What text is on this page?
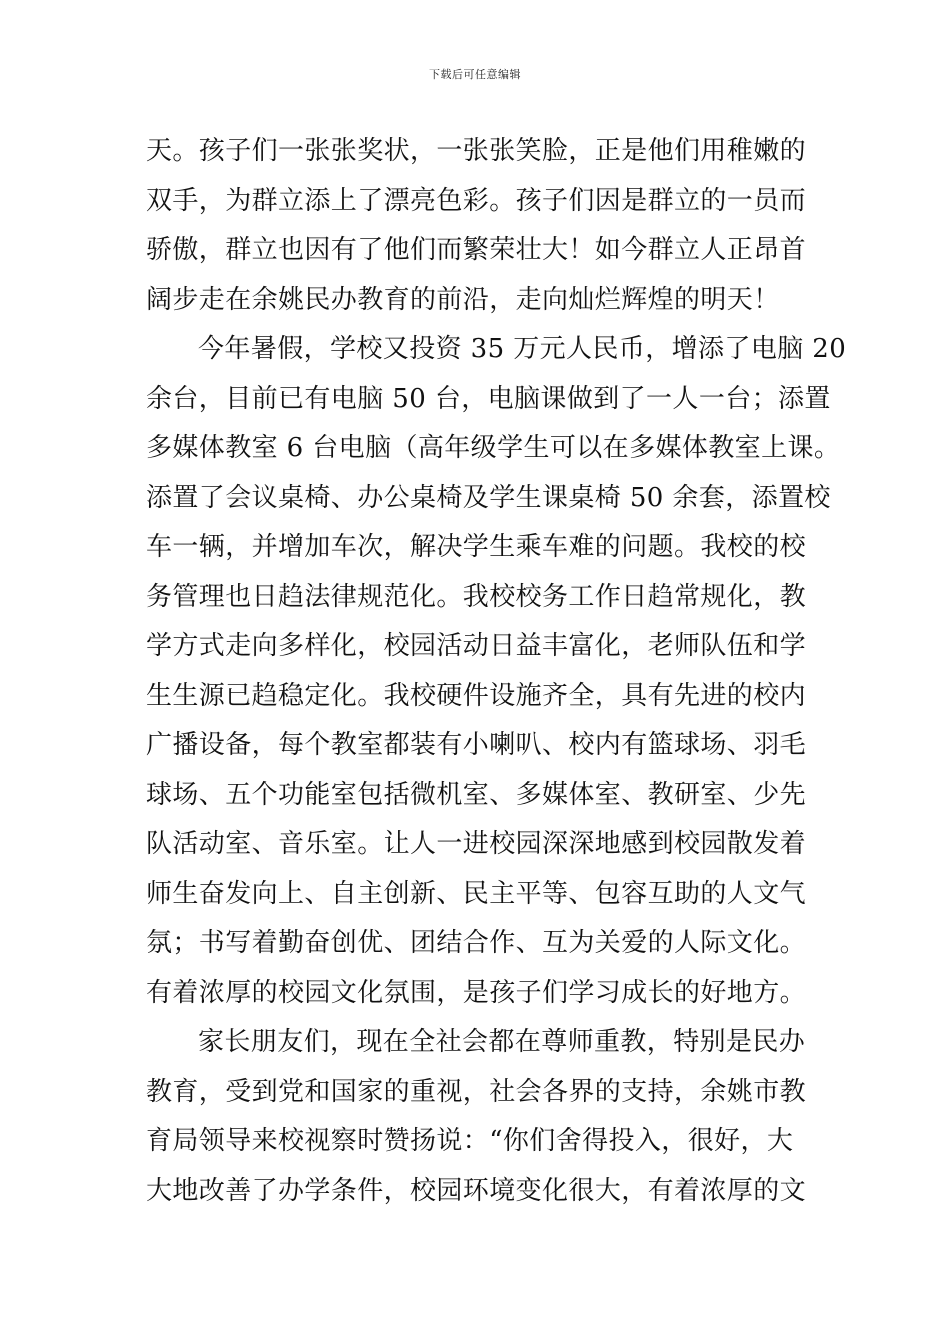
下载后可任意编辑
天。孩子们一张张奖状，一张张笑脸，正是他们用稚嫩的
双手，为群立添上了漂亮色彩。孩子们因是群立的一员而
骄傲，群立也因有了他们而繁荣壮大！如今群立人正昂首
阔步走在余姚民办教育的前沿，走向灿烂辉煌的明天！
今年暑假，学校又投资 35 万元人民币，增添了电脑 20
余台，目前已有电脑 50 台，电脑课做到了一人一台；添置
多媒体教室 6 台电脑（高年级学生可以在多媒体教室上课。
添置了会议桌椅、办公桌椅及学生课桌椅 50 余套，添置校
车一辆，并增加车次，解决学生乘车难的问题。我校的校
务管理也日趋法律规范化。我校校务工作日趋常规化，教
学方式走向多样化，校园活动日益丰富化，老师队伍和学
生生源已趋稳定化。我校硬件设施齐全，具有先进的校内
广播设备，每个教室都装有小喇叭、校内有篮球场、羽毛
球场、五个功能室包括微机室、多媒体室、教研室、少先
队活动室、音乐室。让人一进校园深深地感到校园散发着
师生奋发向上、自主创新、民主平等、包容互助的人文气
氛；书写着勤奋创优、团结合作、互为关爱的人际文化。
有着浓厚的校园文化氛围，是孩子们学习成长的好地方。
家长朋友们，现在全社会都在尊师重教，特别是民办
教育，受到党和国家的重视，社会各界的支持，余姚市教
育局领导来校视察时赞扬说：“你们舍得投入，很好，大
大地改善了办学条件，校园环境变化很大，有着浓厚的文
